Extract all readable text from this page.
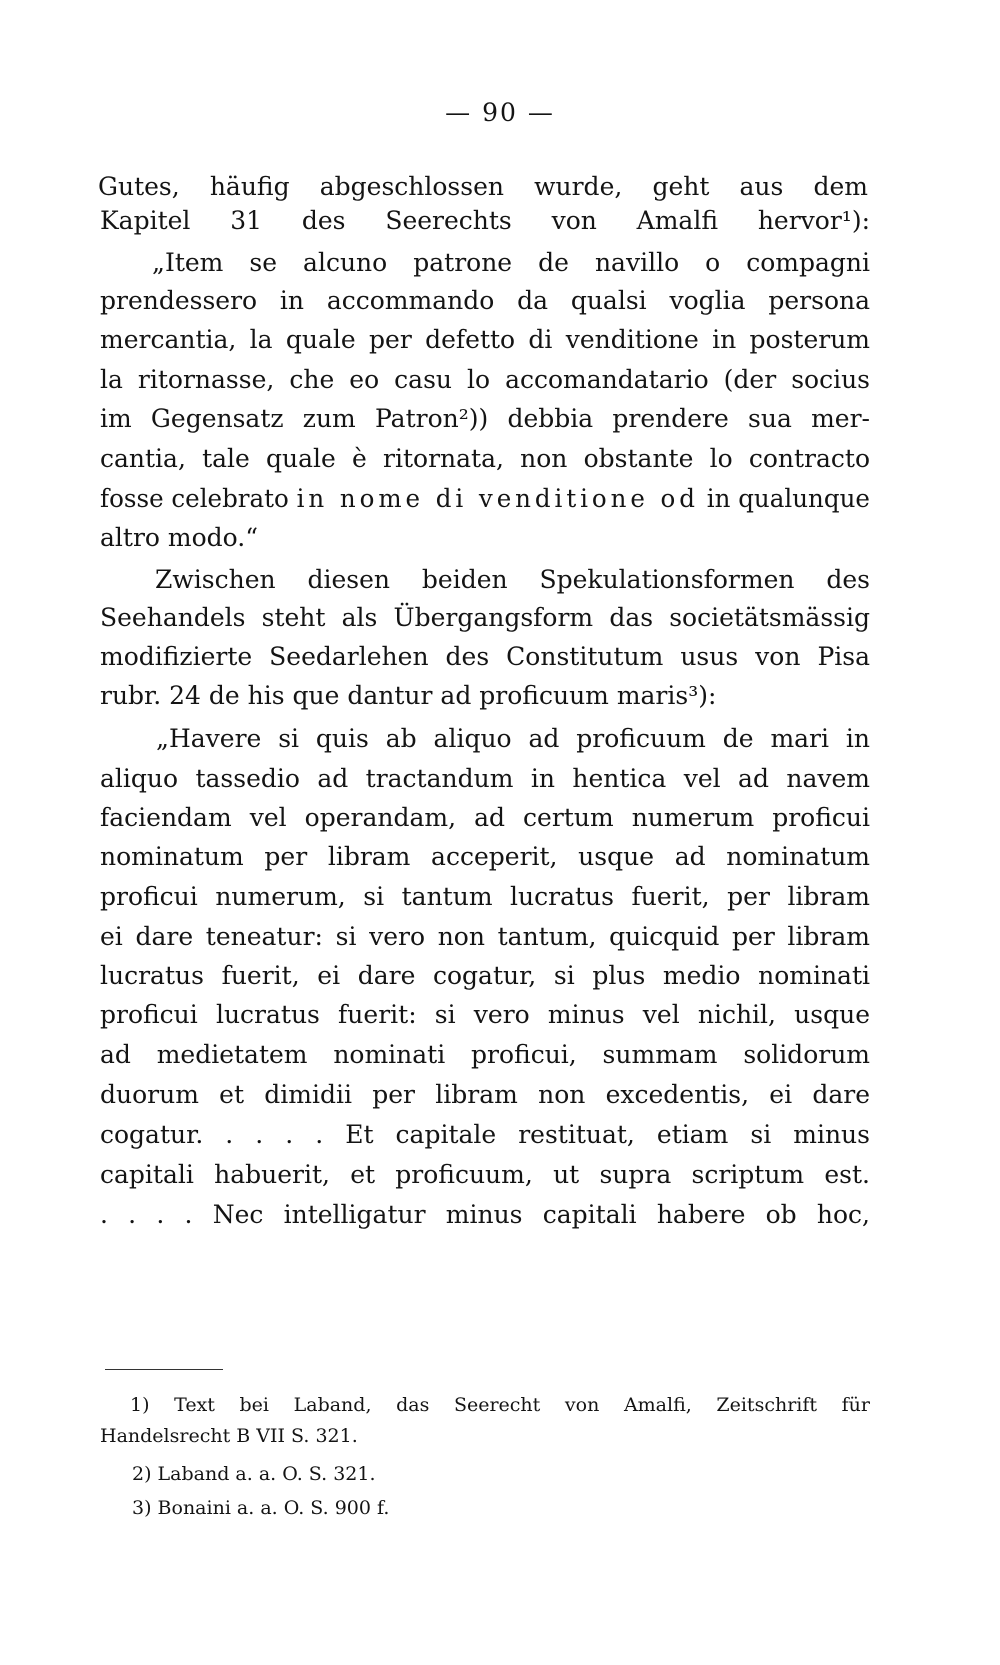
— 90 —
Gutes, häufig abgeschlossen wurde, geht aus dem
Kapitel 31 des Seerechts von Amalfi hervor¹):
„Item se alcuno patrone de navillo o compagni
prendessero in accommando da qualsi voglia persona
mercantia, la quale per defetto di venditione in posterum
la ritornasse, che eo casu lo accomandatario (der socius
im Gegensatz zum Patron²)) debbia prendere sua mer-
cantia, tale quale è ritornata, non obstante lo contracto
fosse celebrato in nome di venditione od in qualunque
altro modo.“
Zwischen diesen beiden Spekulationsformen des
Seehandels steht als Übergangsform das societätsmässig
modifizierte Seedarlehen des Constitutum usus von Pisa
rubr. 24 de his que dantur ad proficuum maris³):
„Havere si quis ab aliquo ad proficuum de mari in
aliquo tassedio ad tractandum in hentica vel ad navem
faciendam vel operandam, ad certum numerum proficui
nominatum per libram acceperit, usque ad nominatum
proficui numerum, si tantum lucratus fuerit, per libram
ei dare teneatur: si vero non tantum, quicquid per libram
lucratus fuerit, ei dare cogatur, si plus medio nominati
proficui lucratus fuerit: si vero minus vel nichil, usque
ad medietatem nominati proficui, summam solidorum
duorum et dimidii per libram non excedentis, ei dare
cogatur. . . . . Et capitale restituat, etiam si minus
capitali habuerit, et proficuum, ut supra scriptum est.
. . . . Nec intelligatur minus capitali habere ob hoc,
1) Text bei Laband, das Seerecht von Amalfi, Zeitschrift für
Handelsrecht B VII S. 321.
2) Laband a. a. O. S. 321.
3) Bonaini a. a. O. S. 900 f.
